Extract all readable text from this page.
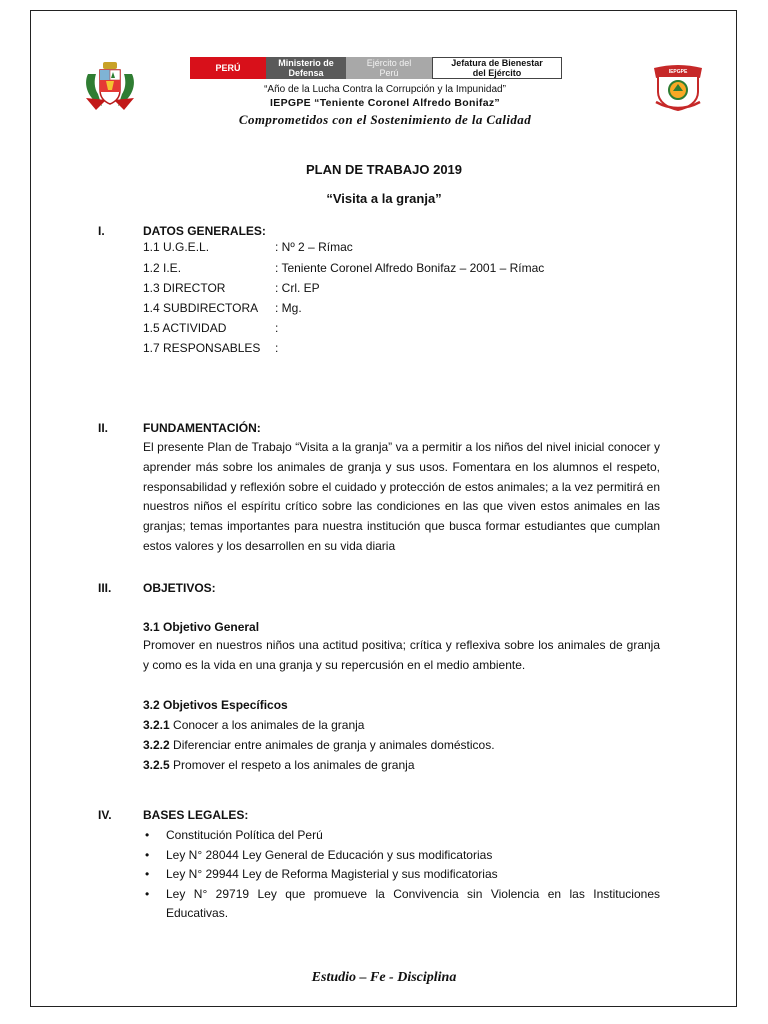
IEPGPE
PERÚ	Ministerio de
Defensa
Ejército del
Perú
Jefatura de Bienestar
del Ejército
“Año de la Lucha Contra la Corrupción y la Impunidad”
IEPGPE “Teniente Coronel Alfredo Bonifaz”
Comprometidos con el Sostenimiento de la Calidad
PLAN DE TRABAJO 2019
“Visita a la granja”
I.	DATOS GENERALES:
1.1 U.G.E.L.	: Nº 2 – Rímac
1.2 I.E.	: Teniente Coronel Alfredo Bonifaz – 2001 – Rímac
1.3 DIRECTOR	: Crl. EP
1.4 SUBDIRECTORA : Mg.
1.5 ACTIVIDAD	:
1.7 RESPONSABLES :
II.	FUNDAMENTACIÓN:
El presente Plan de Trabajo “Visita a la granja” va a permitir a los niños del nivel inicial conocer y aprender más sobre los animales de granja y sus usos. Fomentara en los alumnos el respeto, responsabilidad y reflexión sobre el cuidado y protección de estos animales; a la vez permitirá en nuestros niños el espíritu crítico sobre las condiciones en las que viven estos animales en las granjas; temas importantes para nuestra institución que busca formar estudiantes que cumplan estos valores y los desarrollen en su vida diaria
III.	OBJETIVOS:
3.1 Objetivo General
Promover en nuestros niños una actitud positiva; crítica y reflexiva sobre los animales de granja y como es la vida en una granja y su repercusión en el medio ambiente.
3.2 Objetivos Específicos
3.2.1 Conocer a los animales de la granja
3.2.2 Diferenciar entre animales de granja y animales domésticos.
3.2.5 Promover el respeto a los animales de granja
IV.	BASES LEGALES:
• Constitución Política del Perú
• Ley N° 28044 Ley General de Educación y sus modificatorias
• Ley N° 29944 Ley de Reforma Magisterial y sus modificatorias
• Ley N° 29719 Ley que promueve la Convivencia sin Violencia en las Instituciones Educativas.
Estudio – Fe - Disciplina
